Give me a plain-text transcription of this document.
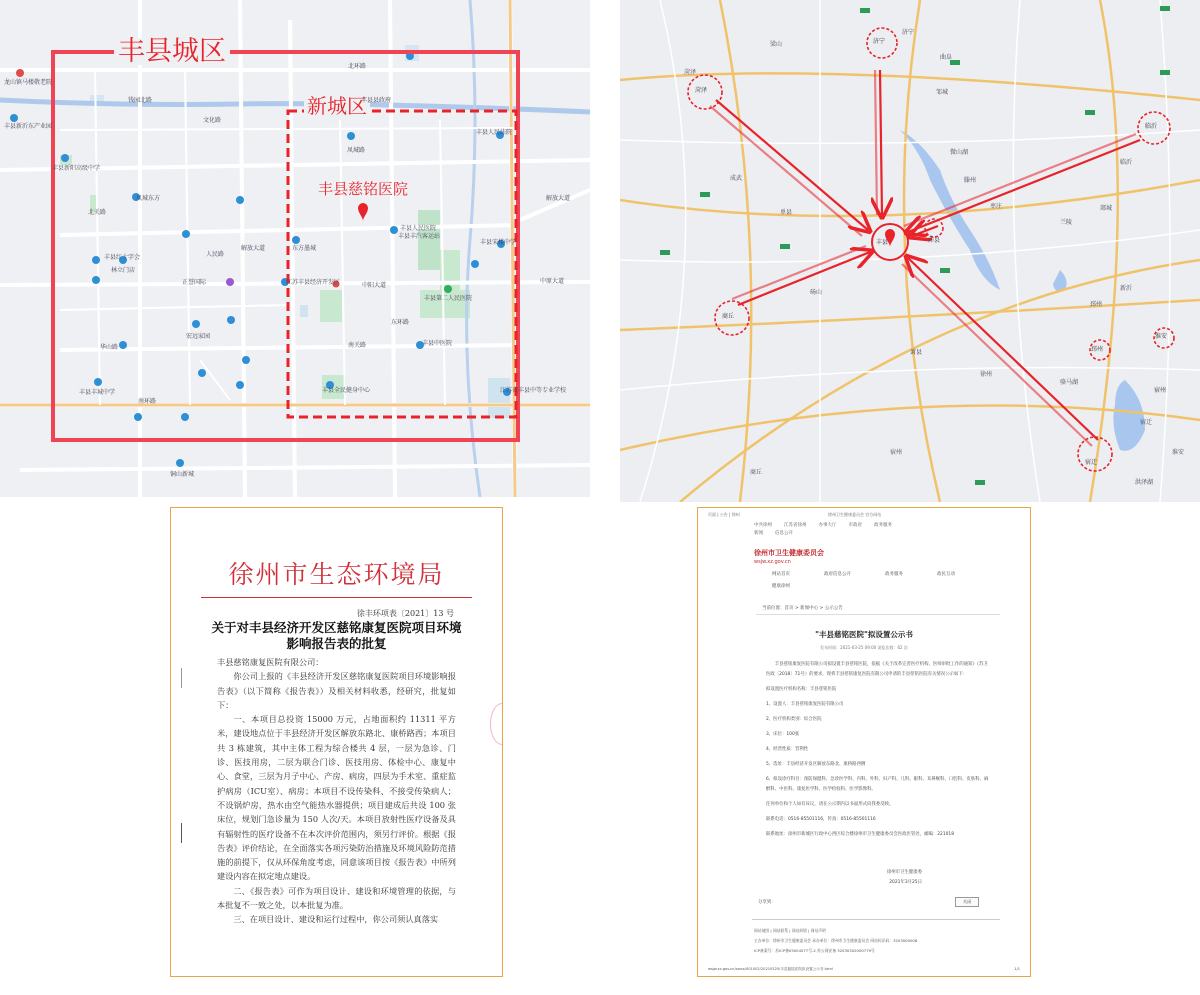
丰县城区
新城区
丰县慈铭医院
北环路
南环路
东环路
解放大道
中阳大道
人民路
凤城路
南关路
北关路
钱园北路
文化路
华山路
中原大道
解放大道
龙山镇马楼敬老院
丰县新沂东产业园
丰县新阳高级中学
丰县红十字会
丰县县政府
丰县人民医院
丰县中医院
丰县第二人民医院
正誉国际
宏远家园
东方墨城
江苏丰县经济开发区
丰县丰汽客运站
凤城东方
丰县宋楼中学
江苏省丰县中等专业学校
丰县全民健身中心
丰县人民法院
林立门店
铜山新城
丰县丰城中学
菏泽
济宁
临沂
邳州
商丘
宿州
淮安
宿迁
丰县
菏泽
济宁
临沂
邹城
滕州
枣庄
曲阜
邳州
沛县
徐州
砀山
萧县
宿州
商丘
宿迁
淮安
新沂
兰陵
郯城
梁山
成武
单县
微山湖
骆马湖
洪泽湖
徐州市生态环境局
徐丰环项表〔2021〕13 号
关于对丰县经济开发区慈铭康复医院项目环境影响报告表的批复

丰县慈铭康复医院有限公司：

你公司上报的《丰县经济开发区慈铭康复医院项目环境影响报告表》（以下简称《报告表》）及相关材料收悉，经研究，批复如下：

一、本项目总投资 15000 万元，占地面积约 11311 平方米，建设地点位于丰县经济开发区解放东路北、康桥路西；本项目共 3 栋建筑，其中主体工程为综合楼共 4 层，一层为急诊、门诊、医技用房，二层为联合门诊、医技用房、体检中心、康复中心、食堂，三层为月子中心、产房、病房，四层为手术室、重症监护病房（ICU室）、病房；本项目不设传染科、不接受传染病人；不设锅炉房，热水由空气能热水器提供；项目建成后共设 100 张床位，规划门急诊量为 150 人次/天。本项目放射性医疗设备及具有辐射性的医疗设备不在本次评价范围内，须另行评价。根据《报告表》评价结论，在全面落实各项污染防治措施及环境风险防范措施的前提下，仅从环保角度考虑，同意该项目按《报告表》中所列建设内容在拟定地点建设。

二、《报告表》可作为项目设计、建设和环境管理的依据，与本批复不一致之处，以本批复为准。

三、在项目设计、建设和运行过程中，你公司须认真落实

页面 | 公告 | 徐州	徐州卫生健康委员会 官方网站
中共徐州	江苏省徐州	办事大厅	市政府	政务服务
新闻	信息公开
徐州市卫生健康委员会
wsjw.xz.gov.cn
网站首页	政府信息公开	政务服务	政民互动
健康徐州
当前位置：首页 > 新闻中心 > 公示公告
"丰县慈铭医院"拟设置公示书
发布时间：2021-03-25 09:00 浏览次数：62 次

丰县慈铭康复医院有限公司拟设置丰县慈铭医院，依据《关于改革完善医疗机构、医师审批工作的通知》（苏卫医政〔2018〕71号）的要求，现将丰县慈铭康复医院有限公司申请的丰县慈铭医院有关情况公示如下：

拟设置医疗机构名称：丰县慈铭医院

1、设置人：丰县慈铭康复医院有限公司

2、医疗机构类别：综合医院

3、床位：100张

4、经营性质：营利性

5、选址：丰县经济开发区解放东路北、康桥路西侧

6、拟设诊疗科目：预防保健科、急诊医学科、内科、外科、妇产科、儿科、眼科、耳鼻喉科、口腔科、皮肤科、麻醉科、中医科、康复医学科、医学检验科、医学影像科。

任何单位和个人如有异议，请在公示期内以书面形式向我委反映。

联系电话：0516-85501116，传真：0516-85501116

联系地址：徐州市新城区行政中心西区综合楼徐州市卫生健康委员会医政医管处，邮编：221018

徐州市卫生健康委
2021年3月25日
分享到：	关闭
网站地图 | 网站联系 | 网站纠错 | 网站声明
主办单位：徐州市卫生健康委员会 承办单位：徐州市卫生健康委员会 网站标识码：3203000008
ICP备案号：苏ICP备05004577号-2 苏公网安备 32030302000779号
wsjw.xz.gov.cn/xwzx/001002/20210325/丰县慈铭医院拟设置公示书.html	1/1
